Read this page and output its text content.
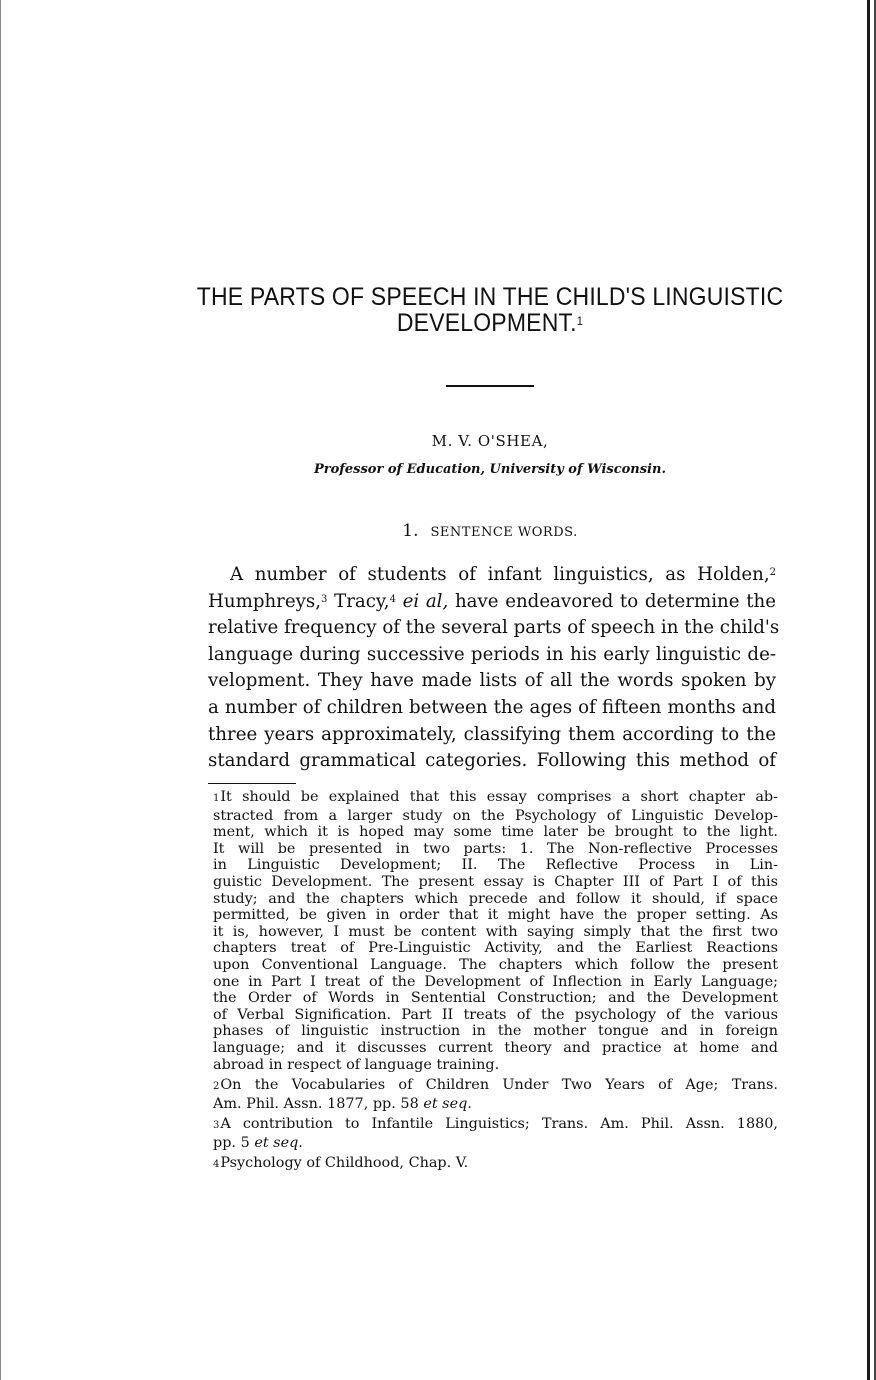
THE PARTS OF SPEECH IN THE CHILD'S LINGUISTIC
DEVELOPMENT.$^1$
M. V. O'SHEA,
Professor of Education, University of Wisconsin.
1. SENTENCE WORDS.
A number of students of infant linguistics, as Holden,$^2$
Humphreys,$^3$ Tracy,$^4$ ei al, have endeavored to determine the
relative frequency of the several parts of speech in the child's
language during successive periods in his early linguistic de-
velopment. They have made lists of all the words spoken by
a number of children between the ages of fifteen months and
three years approximately, classifying them according to the
standard grammatical categories. Following this method of
1It should be explained that this essay comprises a short chapter ab-
stracted from a larger study on the Psychology of Linguistic Develop-
ment, which it is hoped may some time later be brought to the light.
It will be presented in two parts: 1. The Non-reflective Processes
in Linguistic Development; II. The Reflective Process in Lin-
guistic Development. The present essay is Chapter III of Part I of this
study; and the chapters which precede and follow it should, if space
permitted, be given in order that it might have the proper setting. As
it is, however, I must be content with saying simply that the first two
chapters treat of Pre-Linguistic Activity, and the Earliest Reactions
upon Conventional Language. The chapters which follow the present
one in Part I treat of the Development of Inflection in Early Language;
the Order of Words in Sentential Construction; and the Development
of Verbal Signification. Part II treats of the psychology of the various
phases of linguistic instruction in the mother tongue and in foreign
language; and it discusses current theory and practice at home and
abroad in respect of language training.
2On the Vocabularies of Children Under Two Years of Age; Trans.
Am. Phil. Assn. 1877, pp. 58 et seq.
3A contribution to Infantile Linguistics; Trans. Am. Phil. Assn. 1880,
pp. 5 et seq.
4Psychology of Childhood, Chap. V.
